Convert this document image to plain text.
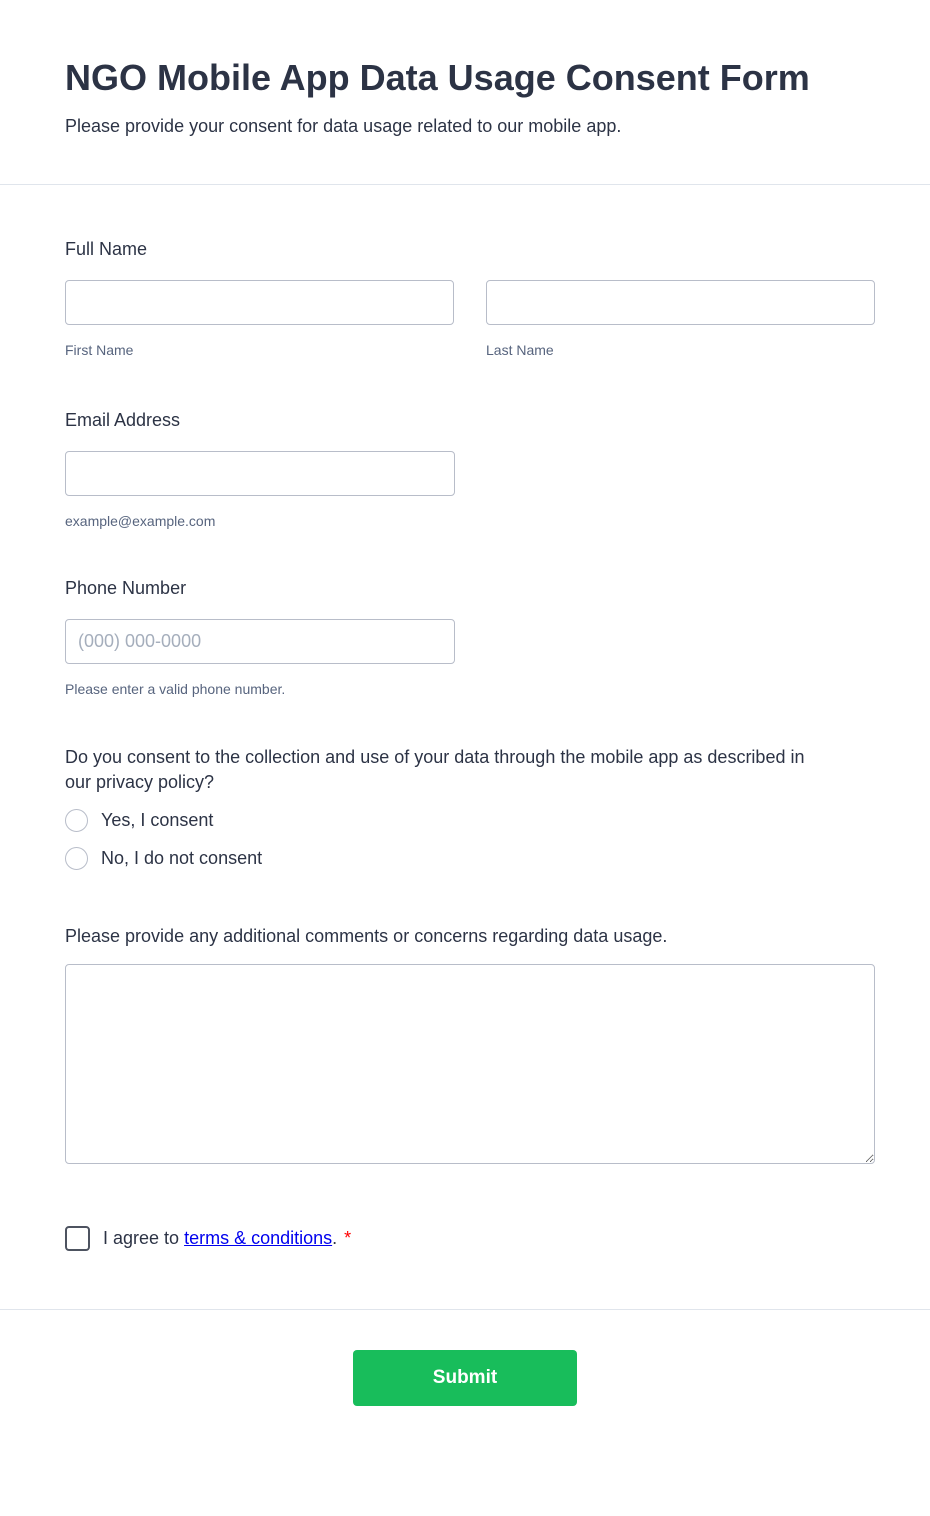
NGO Mobile App Data Usage Consent Form

Please provide your consent for data usage related to our mobile app.

Full Name
First Name	Last Name
Email Address
example@example.com
Phone Number
(000) 000-0000
Please enter a valid phone number.
Do you consent to the collection and use of your data through the mobile app as described in our privacy policy?
Yes, I consent
No, I do not consent
Please provide any additional comments or concerns regarding data usage.
I agree to terms & conditions. *
Submit
